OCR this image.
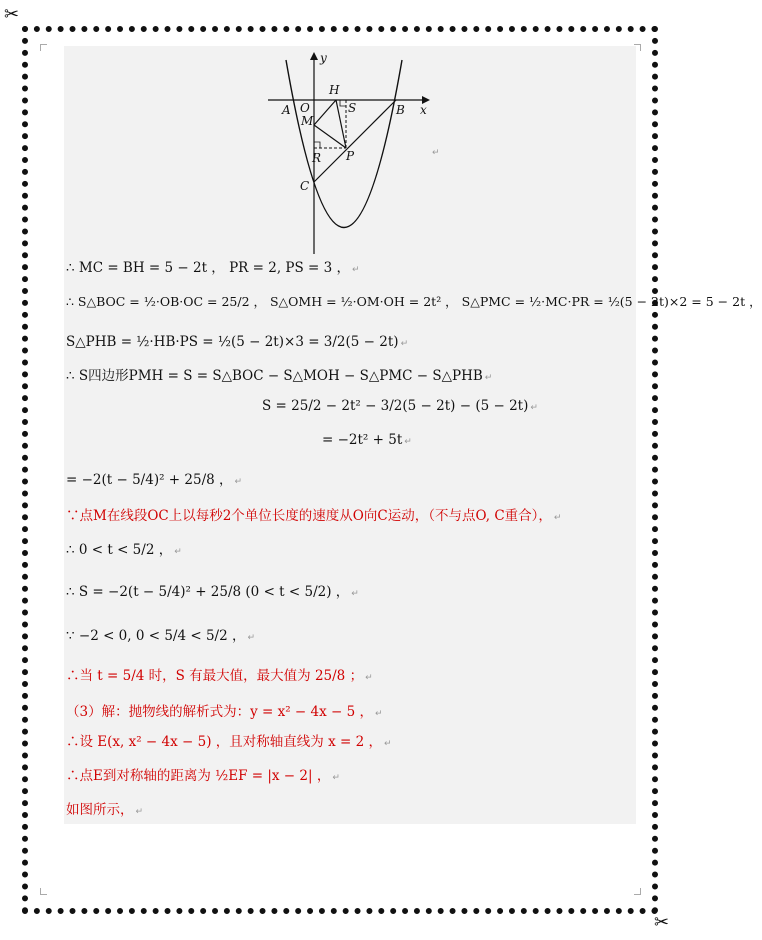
✂
✂
y
x
A O
H
S	B
M
R P
C
↵
∴ MC = BH = 5 − 2t ， PR = 2, PS = 3 ， ↵
∴ S△BOC = ½·OB·OC = 25/2 ， S△OMH = ½·OM·OH = 2t² ， S△PMC = ½·MC·PR = ½(5 − 2t)×2 = 5 − 2t ，
S△PHB = ½·HB·PS = ½(5 − 2t)×3 = 3/2(5 − 2t) ↵
∴ S四边形PMH = S = S△BOC − S△MOH − S△PMC − S△PHB ↵
S = 25/2 − 2t² − 3/2(5 − 2t) − (5 − 2t) ↵
= −2t² + 5t ↵
= −2(t − 5/4)² + 25/8 ， ↵
∵点M在线段OC上以每秒2个单位长度的速度从O向C运动，（不与点O, C重合）， ↵
∴ 0 < t < 5/2 ， ↵
∴ S = −2(t − 5/4)² + 25/8 (0 < t < 5/2) ， ↵
∵ −2 < 0, 0 < 5/4 < 5/2 ， ↵
∴当 t = 5/4 时，S 有最大值，最大值为 25/8 ； ↵
（3）解：抛物线的解析式为：y = x² − 4x − 5 ， ↵
∴设 E(x, x² − 4x − 5) ，且对称轴直线为 x = 2 ， ↵
∴点E到对称轴的距离为 ½EF = |x − 2| ， ↵
如图所示， ↵
